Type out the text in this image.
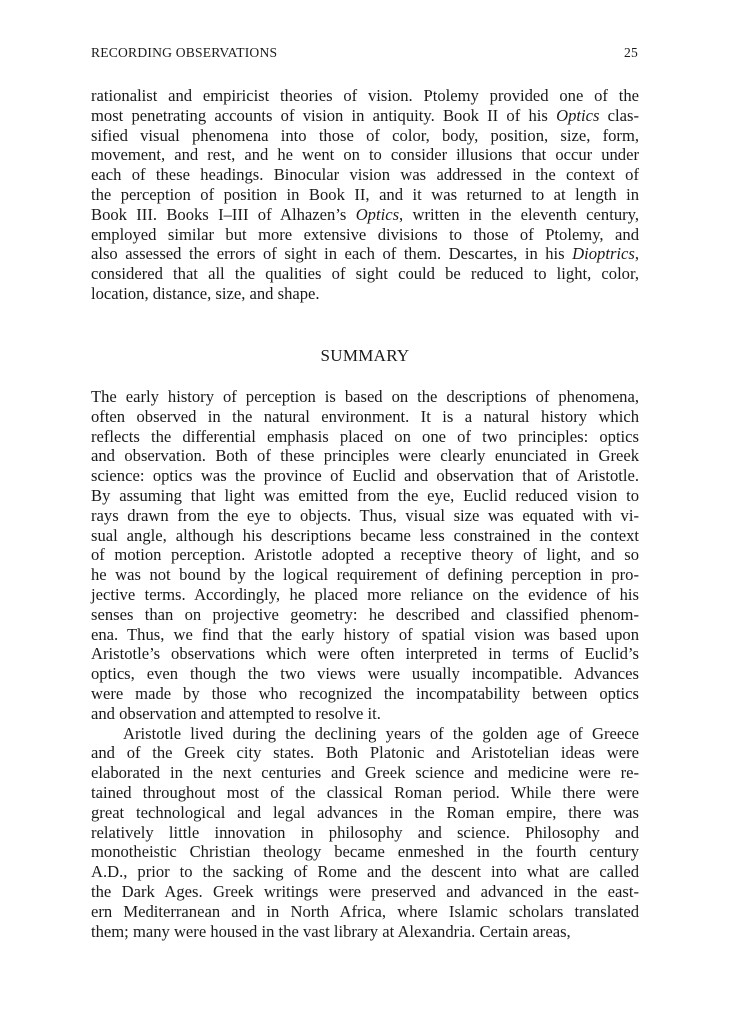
RECORDING OBSERVATIONS	25
rationalist and empiricist theories of vision. Ptolemy provided one of the
most penetrating accounts of vision in antiquity. Book II of his Optics clas-
sified visual phenomena into those of color, body, position, size, form,
movement, and rest, and he went on to consider illusions that occur under
each of these headings. Binocular vision was addressed in the context of
the perception of position in Book II, and it was returned to at length in
Book III. Books I–III of Alhazen’s Optics, written in the eleventh century,
employed similar but more extensive divisions to those of Ptolemy, and
also assessed the errors of sight in each of them. Descartes, in his Dioptrics,
considered that all the qualities of sight could be reduced to light, color,
location, distance, size, and shape.
SUMMARY

The early history of perception is based on the descriptions of phenomena,
often observed in the natural environment. It is a natural history which
reflects the differential emphasis placed on one of two principles: optics
and observation. Both of these principles were clearly enunciated in Greek
science: optics was the province of Euclid and observation that of Aristotle.
By assuming that light was emitted from the eye, Euclid reduced vision to
rays drawn from the eye to objects. Thus, visual size was equated with vi-
sual angle, although his descriptions became less constrained in the context
of motion perception. Aristotle adopted a receptive theory of light, and so
he was not bound by the logical requirement of defining perception in pro-
jective terms. Accordingly, he placed more reliance on the evidence of his
senses than on projective geometry: he described and classified phenom-
ena. Thus, we find that the early history of spatial vision was based upon
Aristotle’s observations which were often interpreted in terms of Euclid’s
optics, even though the two views were usually incompatible. Advances
were made by those who recognized the incompatability between optics
and observation and attempted to resolve it.

Aristotle lived during the declining years of the golden age of Greece
and of the Greek city states. Both Platonic and Aristotelian ideas were
elaborated in the next centuries and Greek science and medicine were re-
tained throughout most of the classical Roman period. While there were
great technological and legal advances in the Roman empire, there was
relatively little innovation in philosophy and science. Philosophy and
monotheistic Christian theology became enmeshed in the fourth century
A.D., prior to the sacking of Rome and the descent into what are called
the Dark Ages. Greek writings were preserved and advanced in the east-
ern Mediterranean and in North Africa, where Islamic scholars translated
them; many were housed in the vast library at Alexandria. Certain areas,
